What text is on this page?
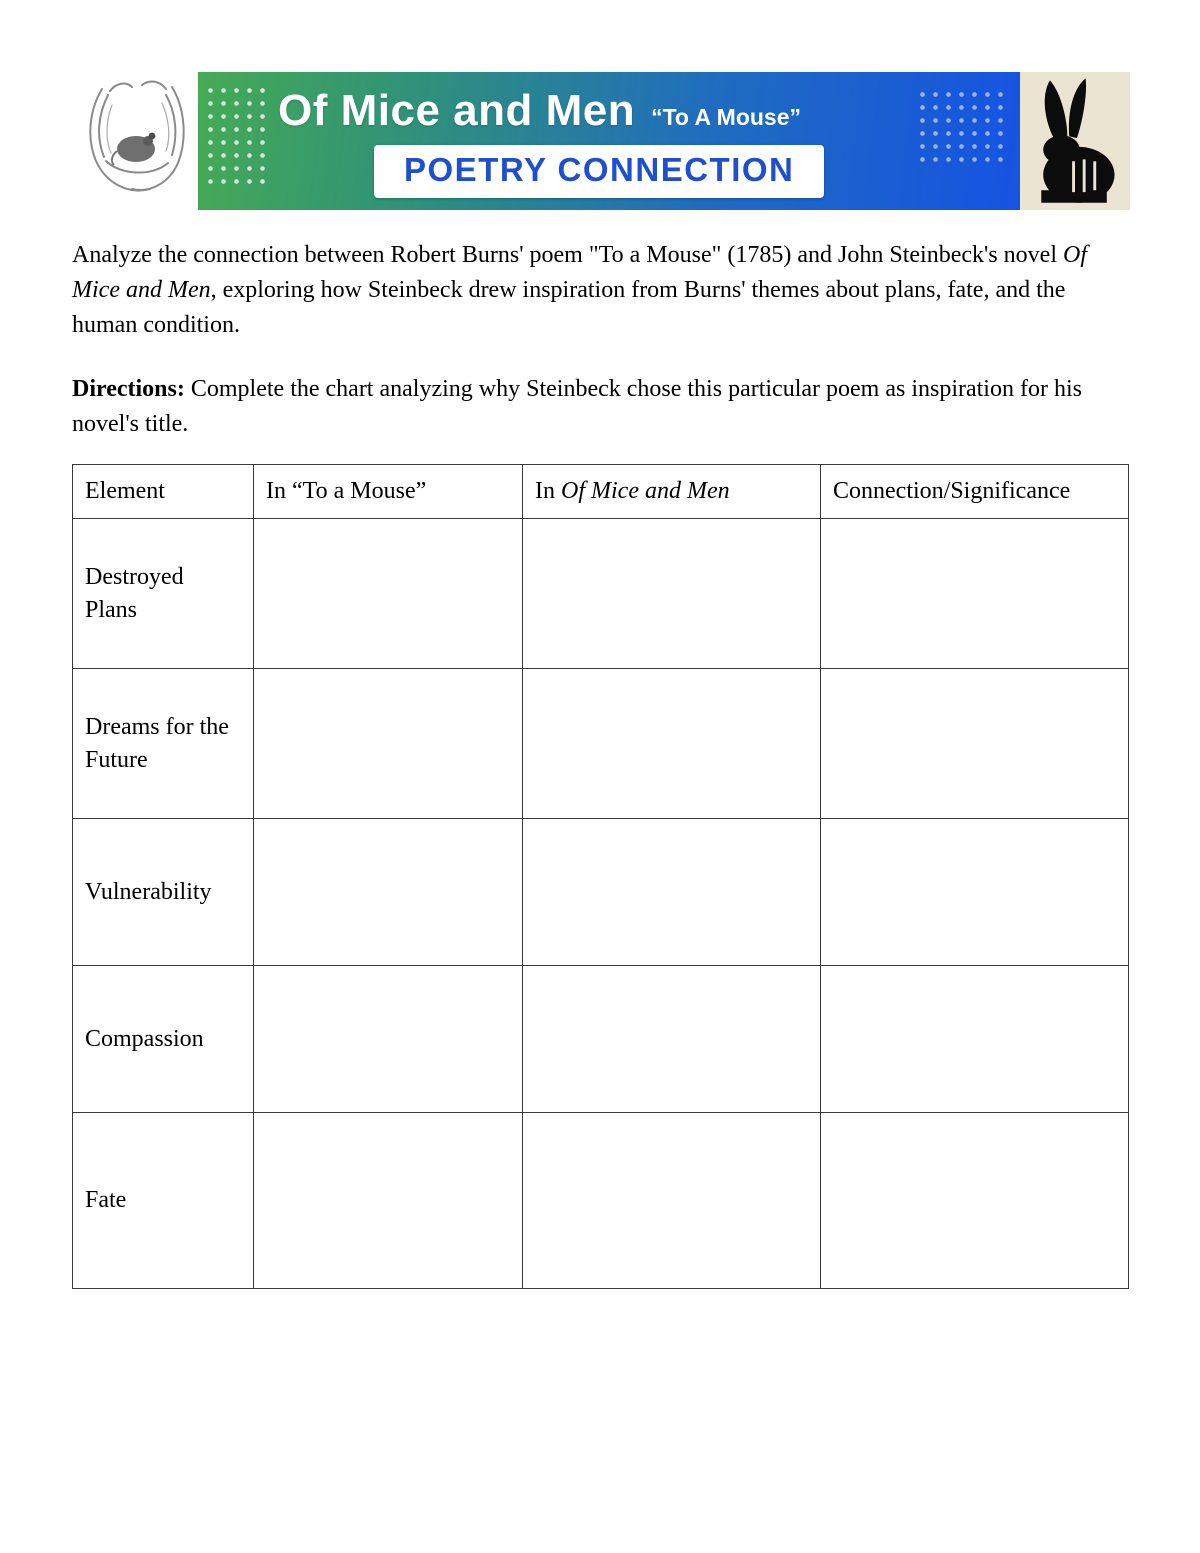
Of Mice and Men “To A Mouse”
POETRY CONNECTION

Analyze the connection between Robert Burns' poem "To a Mouse" (1785) and John Steinbeck's novel Of Mice and Men, exploring how Steinbeck drew inspiration from Burns' themes about plans, fate, and the human condition.

Directions: Complete the chart analyzing why Steinbeck chose this particular poem as inspiration for his novel's title.

Element	In “To a Mouse”	In Of Mice and Men	Connection/Significance
Destroyed Plans			
Dreams for the Future			
Vulnerability			
Compassion			
Fate			
